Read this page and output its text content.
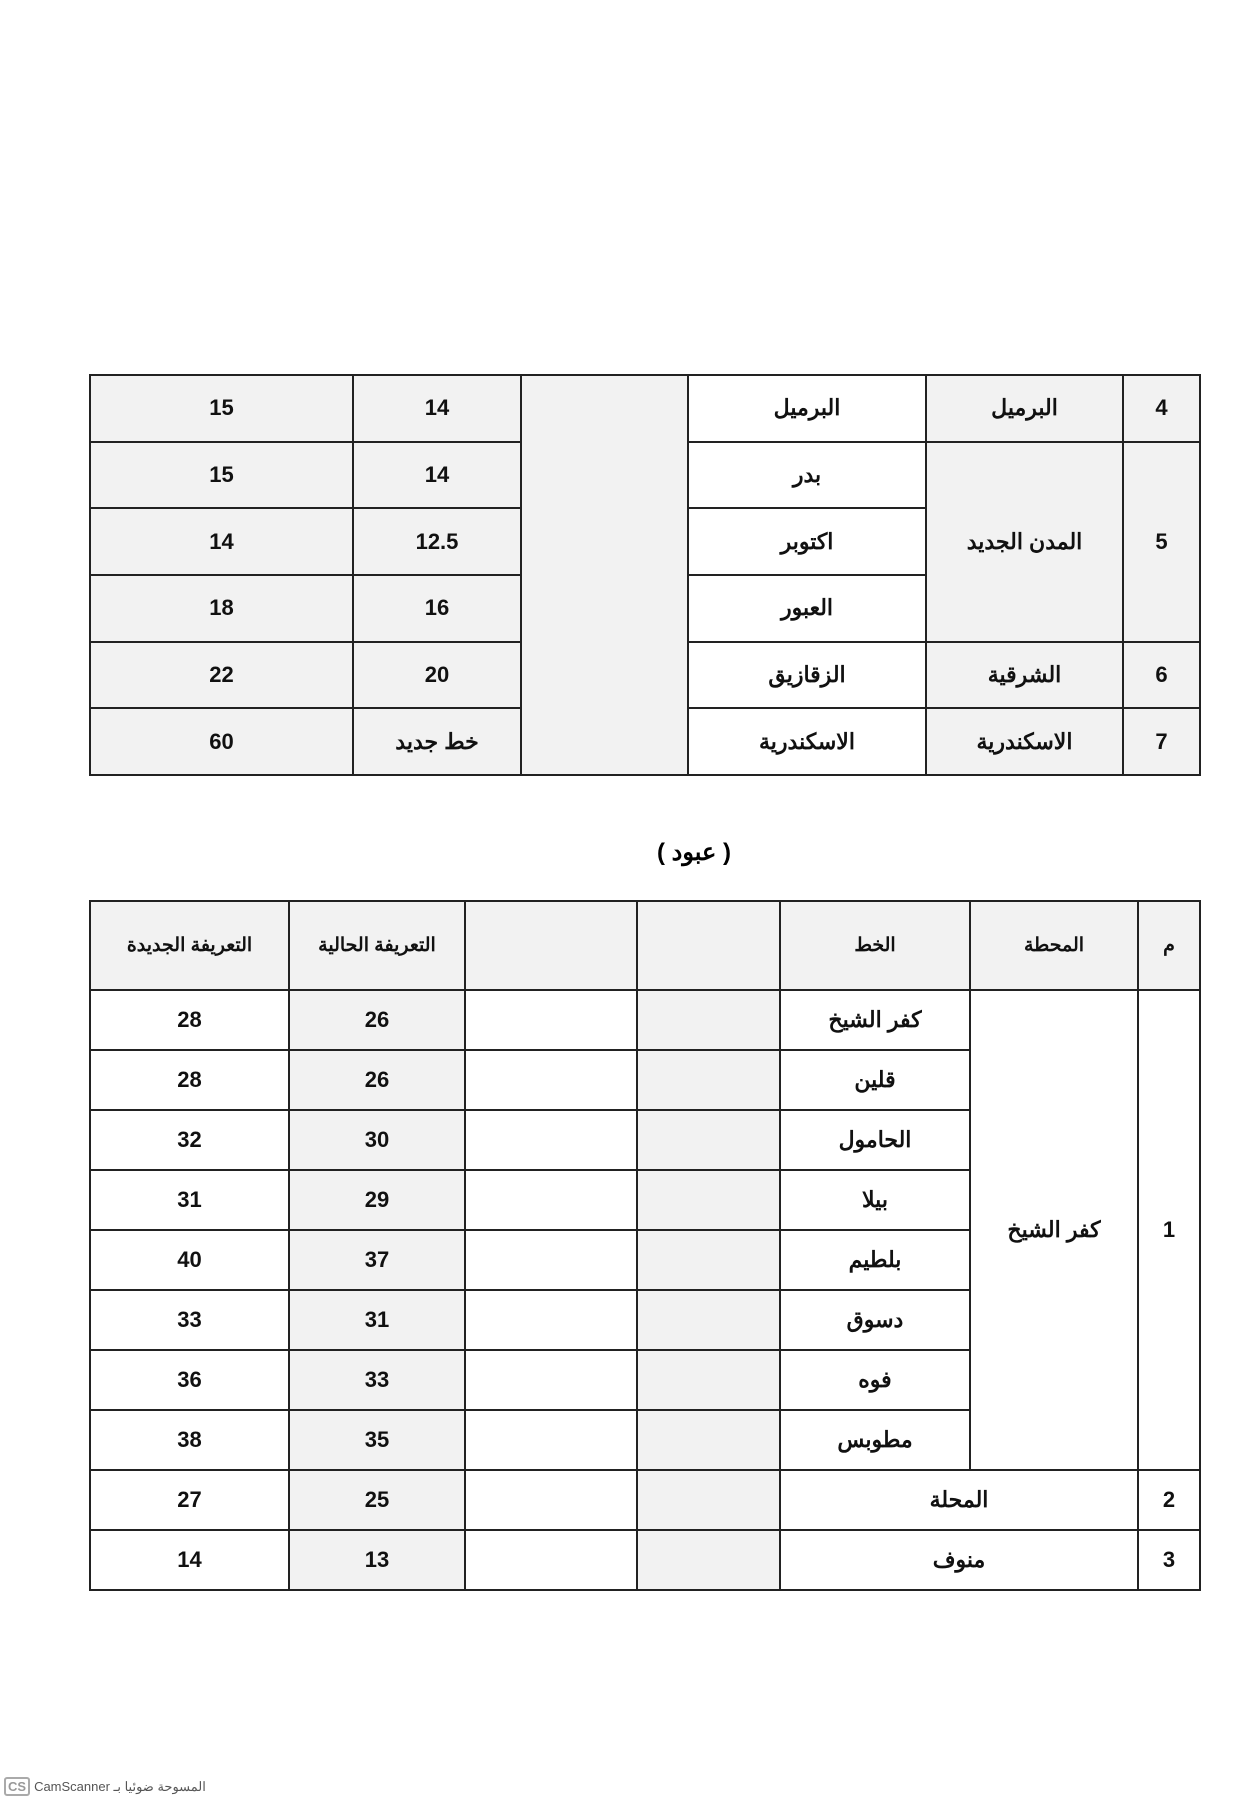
4	البرميل	البرميل		14	15
5	المدن الجديد	بدر		14	15
		اكتوبر		12.5	14
		العبور		16	18
6	الشرقية	الزقازيق		20	22
7	الاسكندرية	الاسكندرية		خط جديد	60
( عبود )
م	المحطة	الخط			التعريفة الحالية	التعريفة الجديدة
1	كفر الشيخ	كفر الشيخ			26	28
		قلين			26	28
		الحامول			30	32
		بيلا			29	31
		بلطيم			37	40
		دسوق			31	33
		فوه			33	36
		مطوبس			35	38
2	المحلة				25	27
3	منوف				13	14
CS المسوحة ضوئيا بـ CamScanner
